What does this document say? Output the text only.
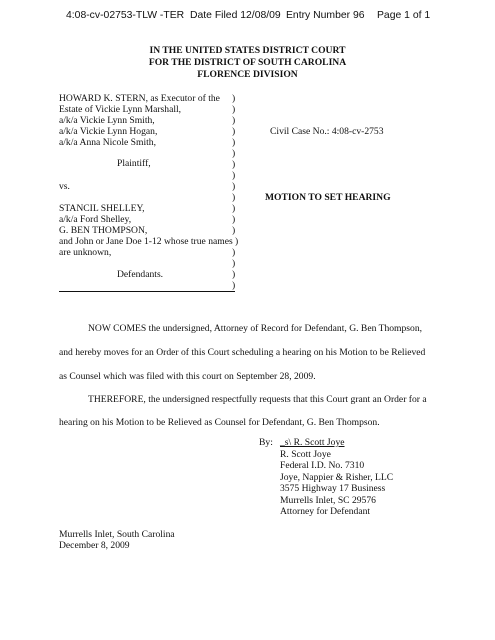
4:08-cv-02753-TLW -TER Date Filed 12/08/09 Entry Number 96 Page 1 of 1
IN THE UNITED STATES DISTRICT COURT
FOR THE DISTRICT OF SOUTH CAROLINA
FLORENCE DIVISION
HOWARD K. STERN, as Executor of the
Estate of Vickie Lynn Marshall,
a/k/a Vickie Lynn Smith,
a/k/a Vickie Lynn Hogan,
a/k/a Anna Nicole Smith,
Plaintiff,
vs.
STANCIL SHELLEY,
a/k/a Ford Shelley,
G. BEN THOMPSON,
and John or Jane Doe 1-12 whose true names
are unknown,
Defendants.
)
)
)
)
)
)
)
)
)
)
)
)
)
)
)
)
)
)
Civil Case No.: 4:08-cv-2753
MOTION TO SET HEARING
NOW COMES the undersigned, Attorney of Record for Defendant, G. Ben Thompson,
and hereby moves for an Order of this Court scheduling a hearing on his Motion to be Relieved
as Counsel which was filed with this court on September 28, 2009.
THEREFORE, the undersigned respectfully requests that this Court grant an Order for a
hearing on his Motion to be Relieved as Counsel for Defendant, G. Ben Thompson.
By: _s\ R. Scott Joye
R. Scott Joye
Federal I.D. No. 7310
Joye, Nappier & Risher, LLC
3575 Highway 17 Business
Murrells Inlet, SC 29576
Attorney for Defendant
Murrells Inlet, South Carolina
December 8, 2009
